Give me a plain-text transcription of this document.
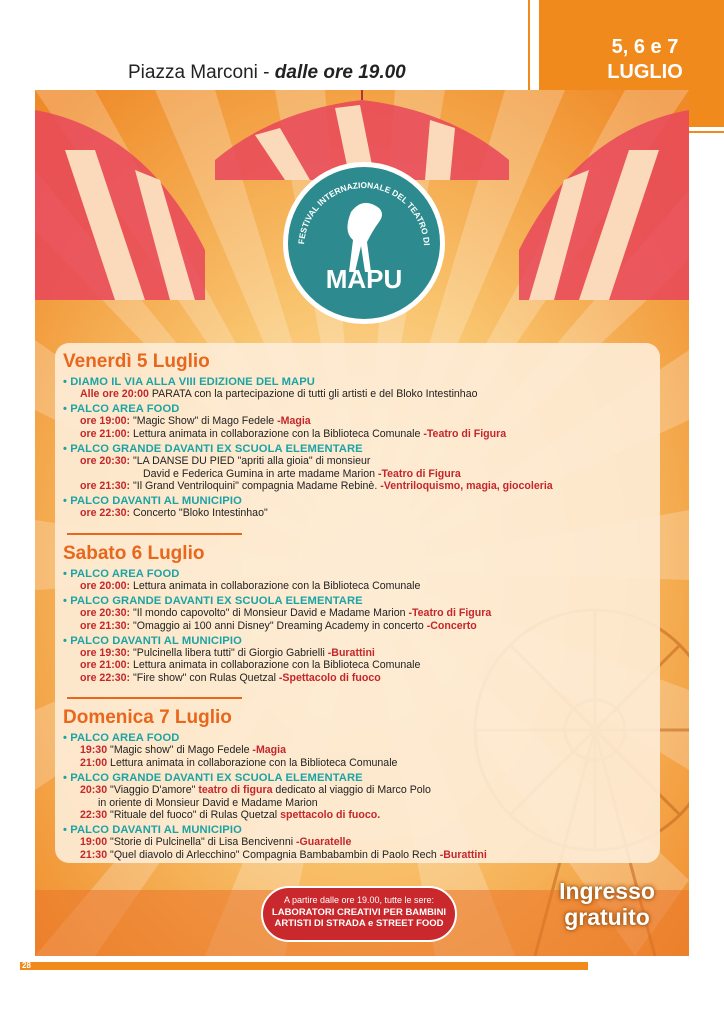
Piazza Marconi - dalle ore 19.00
5, 6 e 7
LUGLIO
FESTIVAL INTERNAZIONALE DEL TEATRO DI
MAPU
Venerdì 5 Luglio
• DIAMO IL VIA ALLA VIII EDIZIONE DEL MAPU
Alle ore 20:00 PARATA con la partecipazione di tutti gli artisti e del Bloko Intestinhao
• PALCO AREA FOOD
ore 19:00: "Magic Show" di Mago Fedele -Magia
ore 21:00: Lettura animata in collaborazione con la Biblioteca Comunale -Teatro di Figura
• PALCO GRANDE DAVANTI EX SCUOLA ELEMENTARE
ore 20:30: "LA DANSE DU PIED "apriti alla gioia" di monsieur
David e Federica Gumina in arte madame Marion -Teatro di Figura
ore 21:30: "Il Grand Ventriloquini" compagnia Madame Rebinè. -Ventriloquismo, magia, giocoleria
• PALCO DAVANTI AL MUNICIPIO
ore 22:30: Concerto "Bloko Intestinhao"
Sabato 6 Luglio
• PALCO AREA FOOD
ore 20:00: Lettura animata in collaborazione con la Biblioteca Comunale
• PALCO GRANDE DAVANTI EX SCUOLA ELEMENTARE
ore 20:30: "Il mondo capovolto" di Monsieur David e Madame Marion -Teatro di Figura
ore 21:30: "Omaggio ai 100 anni Disney" Dreaming Academy in concerto -Concerto
• PALCO DAVANTI AL MUNICIPIO
ore 19:30: "Pulcinella libera tutti" di Giorgio Gabrielli -Burattini
ore 21:00: Lettura animata in collaborazione con la Biblioteca Comunale
ore 22:30: "Fire show" con Rulas Quetzal -Spettacolo di fuoco
Domenica 7 Luglio
• PALCO AREA FOOD
19:30 "Magic show" di Mago Fedele -Magia
21:00 Lettura animata in collaborazione con la Biblioteca Comunale
• PALCO GRANDE DAVANTI EX SCUOLA ELEMENTARE
20:30 "Viaggio D'amore" teatro di figura dedicato al viaggio di Marco Polo
in oriente di Monsieur David e Madame Marion
22:30 "Rituale del fuoco" di Rulas Quetzal spettacolo di fuoco.
• PALCO DAVANTI AL MUNICIPIO
19:00 "Storie di Pulcinella" di Lisa Bencivenni -Guaratelle
21:30 "Quel diavolo di Arlecchino" Compagnia Bambabambin di Paolo Rech -Burattini
A partire dalle ore 19.00, tutte le sere:
LABORATORI CREATIVI PER BAMBINI
ARTISTI DI STRADA e STREET FOOD
Ingresso
gratuito
28
